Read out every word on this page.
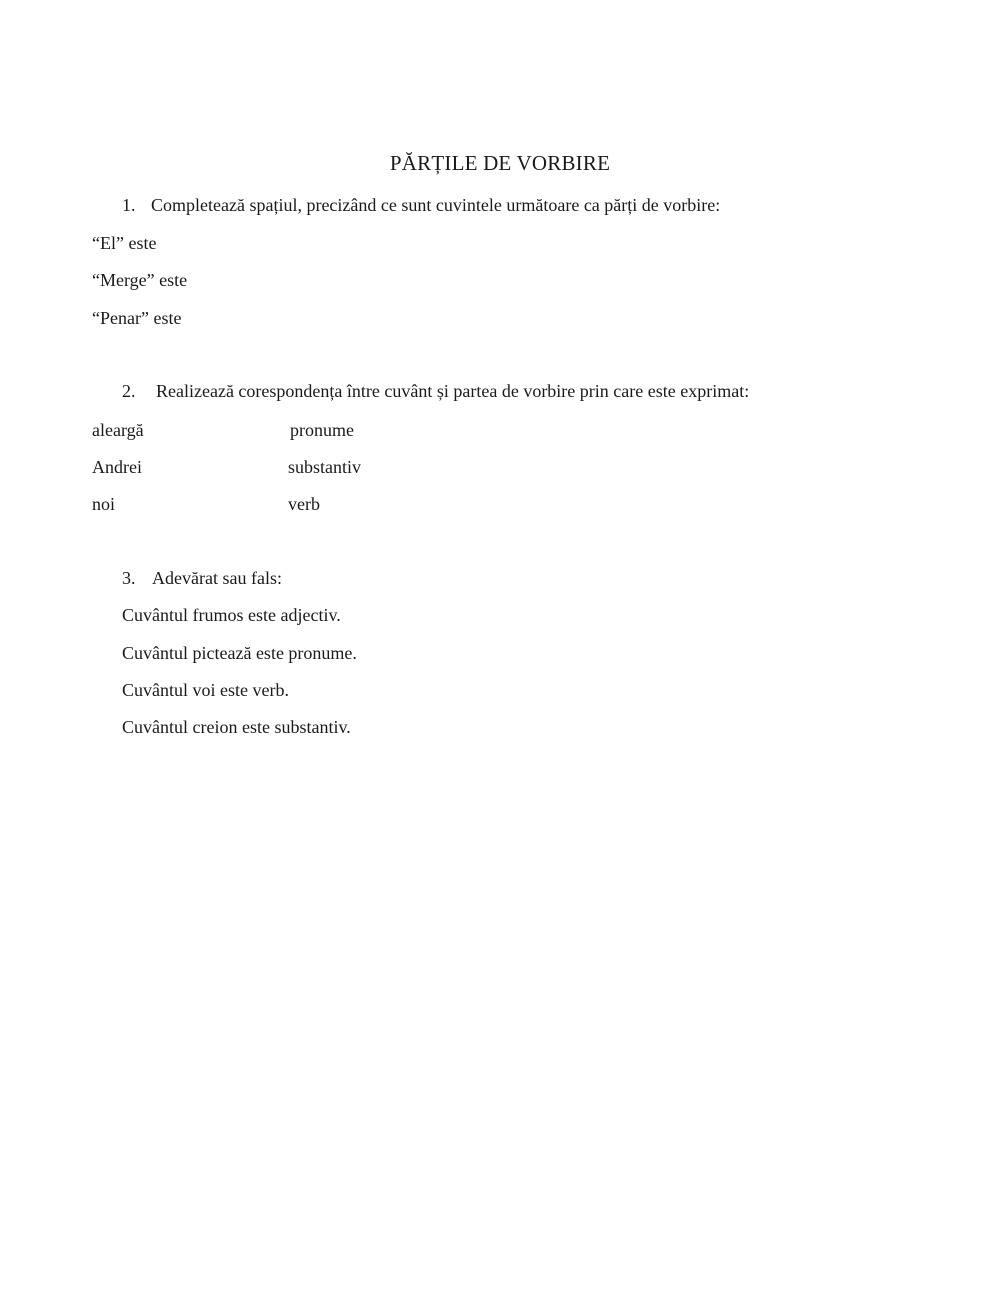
PĂRȚILE DE VORBIRE
1. Completează spațiul, precizând ce sunt cuvintele următoare ca părți de vorbire:
“El” este
“Merge” este
“Penar” este
2. Realizează corespondența între cuvânt și partea de vorbire prin care este exprimat:
aleargă
Andrei
noi
pronume
substantiv
verb
3. Adevărat sau fals:
Cuvântul frumos este adjectiv.
Cuvântul pictează este pronume.
Cuvântul voi este verb.
Cuvântul creion este substantiv.
